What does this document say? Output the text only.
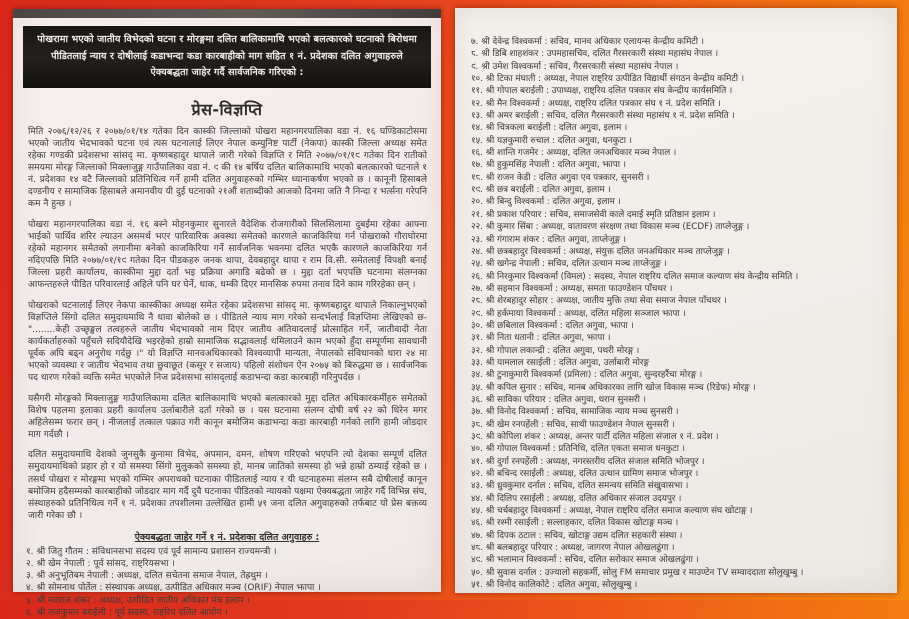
पोखरामा भएको जातीय विभेदको घटना र मोरङ्गमा दलित बालिकामाथि भएको बलत्कारको घटनाको बिरोधमा पीडितलाई न्याय र दोषीलाई कडाभन्दा कडा कारबाहीको माग सहित १ नं. प्रदेशका दलित अगुवाहरुले ऐक्यबद्धता जाहेर गर्दै सार्वजनिक गरिएको :
प्रेस-विज्ञप्ति

मिति २०७६/१२/२६ र २०७७/०१/१४ गतेका दिन कास्की जिल्लाको पोखरा महानगरपालिका वडा नं. १६ घण्डिकाटोसमा भएको जातीय भेदभावको घटना एवं त्यस घटनालाई लिएर नेपाल कम्युनिष्ट पार्टी (नेकपा) कास्की जिल्ला अध्यक्ष समेत रहेका गण्डकी प्रदेशसभा सांसद् मा. कृष्णबहादुर थापाले जारी गरेको विज्ञप्ति र मिति २०७७/०१/१९ गतेका दिन रातीको समयमा मोरङ्ग जिल्लाको मिक्लाजुङ्ग गाउँपालिका वडा नं. ९ की १४ बर्षिय दलित बालिकामाथि भएको बलत्कारको घटनाले १ नं. प्रदेशका १४ वटै जिल्लाको प्रतिनिधित्व गर्ने हामी दलित अगुवाहरुको गम्भिर ध्यानाकर्षण भएको छ । कानूनी हिसाबले दण्डनीय र सामाजिक हिसाबले अमानवीय यी दुई घटनाको २१औं शताब्दीको आजको दिनमा जति नै निन्दा र भर्त्सना गरेपनि कम नै हुन्छ ।

पोखरा महानगरपालिका वडा नं. १६ बस्ने मोहनकुमार सुनारले वैदेशिक रोजगारीको सिलसिलामा दुबईमा रहेका आफ्ना भाईको पार्थिव शरिर ल्याउन असमर्थ भएर पारिवारिक अवस्था समेतको कारणले काजकिरिया गर्न पोखराको गौराघोरमा रहेको महानगर समेतको लगानीमा बनेको काजकिरिया गर्ने सार्वजनिक भवनमा दलित भएकै कारणले काजकिरिया गर्न नदिएपछि मिति २०७७/०१/१९ गतेका दिन पीडकहरु जनक थापा, देवबहादुर थापा र राम वि.सी. समेतलाई विपक्षी बनाई जिल्ला प्रहरी कार्यालय, कास्कीमा मुद्दा दर्ता भइ प्रक्रिया अगाडि बढेको छ । मुद्दा दर्ता भएपछि घटनामा संलग्नका आफन्तहरुले पीडित परिवारलाई अहिले पनि घर घेर्ने, धाक, धम्की दिएर मानसिक रुपमा तनाव दिने काम गरिरहेका छन् ।

पोखराको घटनालाई लिएर नेकपा कास्कीका अध्यक्ष समेत रहेका प्रदेशसभा सांसद् मा. कृष्णबहादुर थापाले निकाल्नुभएको विज्ञप्तिले सिंगो दलित समुदायमाथि नै धावा बोलेको छ । पीडितले न्याय माग गरेको सन्दर्भलाई विज्ञप्तिमा लेखिएको छ- "........केही उच्छृङ्खल तत्वहरुले जातीय भेदभावको नाम दिएर जातीय अतिवादलाई प्रोत्साहित गर्ने, जातीवादी नेता कार्यकर्ताहरुको पहुँचले सदियौदेखि भइरहेको हाम्रो सामाजिक सद्भावलाई धमिलाउने काम भएको हुँदा सम्पूर्णमा सावधानी पूर्वक अघि बढ्न अनुरोध गर्दछु ।" यो विज्ञप्ति मानवअधिकारको विश्वव्यापी मान्यता, नेपालको संविधानको धारा २४ मा भएको व्यवस्था र जातीय भेदभाव तथा छुवाछूत (कसूर र सजाय) पहिलो संशोधन ऐन २०७५ को बिरुद्धमा छ । सार्वजनिक पद धारण गरेको व्यक्ति समेत भएकोले निज प्रदेशसभा सांसद्लाई कडाभन्दा कडा कारबाही गरिनुपर्दछ ।

यसैगरी मोरङ्गको मिक्लाजुङ्ग गाउँपालिकामा दलित बालिकामाथि भएको बलत्कारको मुद्दा दलित अधिकारकर्मीहरु समेतको विशेष पहलमा इलाका प्रहरी कार्यालय उर्लाबारीले दर्ता गरेको छ । यस घटनामा संलग्न दोषी वर्ष २२ को धिरेन मगर अहिलेसम्म फरार छन् । नीजलाई तत्काल पक्राउ गरी कानून बमोजिम कडाभन्दा कडा कारबाही गर्नको लागि हामी जोडदार माग गर्दछौ ।

दलित समुदायमाथि देशको जुनसुकै कुनामा विभेद, अपमान, दमन, शोषण गरिएको भएपनि त्यो देशका सम्पूर्ण दलित समुदायमाथिको प्रहार हो र यो समस्या सिंगो मुलुकको समस्या हो, मानब जातिको समस्या हो भन्ने हाम्रो ठम्याई रहेको छ । तसर्थ पोखरा र मोरङ्गमा भएको गम्भिर अपराधको घटनाका पीडितलाई न्याय र यी घटनाहरुमा संलग्न सबै दोषीलाई कानून बमोजिम हदैसम्मको कारबाहीको जोडदार माग गर्दै दुवै घटनाका पीडितको न्यायको पक्षमा ऐक्यबद्धता जाहेर गर्दै विभिन्न संघ, संस्थाहरुको प्रतिनिधित्व गर्ने १ नं. प्रदेशका तपशीलमा उल्लेखित हामी ५१ जना दलित अगुवाहरुको तर्फबाट यो प्रेस बक्तव्य जारी गरेका छौ ।

ऐक्यबद्धता जाहेर गर्ने १ नं. प्रदेशका दलित अगुवाहरु :
१. श्री जितु गौतम : संविधानसभा सदस्य एवं पूर्व सामान्य प्रशासन राज्यमन्त्री ।
२. श्री खेम नेपाली : पूर्व सांसद, राष्ट्रियसभा ।
३. श्री अनुभूतिबम नेपाली : अध्यक्ष, दलित सचेतना समाज नेपाल, तेह्रथुम ।
४. श्री सोमनाथ पोर्तेल : संस्थापक अध्यक्ष, उत्पीडित अधिकार मञ्च (ORIF) नेपाल झापा ।
५. श्री नवराज शंकर : अध्यक्ष, उत्पीडित जातीय अधिकार मंच इलाम ।
६. श्री राजकुमार बराईली : पूर्व सदस्य, राष्ट्रिय दलित आयोग ।
७. श्री देवेन्द्र विश्वकर्मा : सचिव, मानव अधिकार एलायन्स केन्द्रीय कमिटी ।
८. श्री डिबि शाहशंकर : उपमहासचिव, दलित गैरसरकारी संस्था महासंघ नेपाल ।
९. श्री उमेश विश्वकर्मा : सचिव, गैरसरकारी संस्था महासंघ नेपाल ।
१०. श्री टिका मंघाती : अध्यक्ष, नेपाल राष्ट्रिय उत्पीडित विद्यार्थी संगठन केन्द्रीय कमिटी ।
११. श्री गोपाल बराईली : उपाध्यक्ष, राष्ट्रिय दलित पत्रकार संघ केन्द्रीय कार्यसमिति ।
१२. श्री मैन विश्वकर्मा : अध्यक्ष, राष्ट्रिय दलित पत्रकार संघ १ नं. प्रदेश समिति ।
१३. श्री अमर बराईली : सचिव, दलित गैरसरकारी संस्था महासंघ १ नं. प्रदेश समिति ।
१४. श्री चित्रकला बराईली : दलित अगुवा, इलाम ।
१५. श्री यज्ञकुमारी रुचाल : दलित अगुवा, धनकुटा ।
१६. श्री शान्ति गजमेर : अध्यक्ष, दलित जनअधिकार मञ्च नेपाल ।
१७. श्री हुकुमसिंह नेपाली : दलित अगुवा, झापा ।
१८. श्री राजन केडी : दलित अगुवा एव पत्रकार, सुनसरी ।
१९. श्री छत्र बराईली : दलित अगुवा, इलाम ।
२०. श्री बिन्दु विश्वकर्मा : दलित अगुवा, इलाम ।
२१. श्री प्रकाश परियार : सचिव, समाजसेवी काले दमाई स्मृति प्रतिष्ठान इलाम ।
२२. श्री कुमार सिंबा : अध्यक्ष, वातावरण संरक्षण तथा विकास मञ्च (ECDF) ताप्लेजुङ्ग ।
२३. श्री गंगाराम शंकर : दलित अगुवा, ताप्लेजुङ्ग ।
२४. श्री छत्रबहादुर विश्वकर्मा : अध्यक्ष, संयुक्त दलित जनअधिकार मञ्च ताप्लेजुङ्ग ।
२५. श्री खगेन्द्र नेपाली : सचिव, दलित उत्थान मञ्च ताप्लेजुङ्ग ।
२६. श्री निरकुमार विश्वकर्मा (विमल) : सदस्य, नेपाल राष्ट्रिय दलित समाज कल्याण संघ केन्द्रीय समिति ।
२७. श्री सहमान विश्वकर्मा : अध्यक्ष, समता फाउण्डेशन पाँचथर ।
२८. श्री शेरबहादुर सोहार : अध्यक्ष, जातीय मुक्ति तथा सेवा समाज नेपाल पाँचथर ।
२९. श्री हर्कमाया विश्वकर्मा : अध्यक्ष, दलित महिला सञ्जाल झापा ।
३०. श्री छबिलाल विश्वकर्मा : दलित अगुवा, झापा ।
३१. श्री निता धतानी : दलित अगुवा, झापा ।
३२. श्री गोपाल लकान्द्री : दलित अगुवा, पथरी मोरङ्ग ।
३३. श्री यामलाल रसाईली : दलित अगुवा, उर्लाबारी मोरङ्ग
३४. श्री टुनाकुमारी विश्वकर्मा (प्रमिला) : दलित अगुवा, सुन्दरहरैंचा मोरङ्ग ।
३५. श्री कपिल सुनार : सचिव, मानब अधिकारका लागि खोज विकास मञ्च (रिडेफ) मोरङ्ग ।
३६. श्री साविका परियार : दलित अगुवा, धरान सुनसरी ।
३७. श्री विनोद विश्वकर्मा : सचिव, सामाजिक न्याय मञ्च सुनसरी ।
३८. श्री खेम रनपहेंली : सचिव, साथी फाउण्डेशन नेपाल सुनसरी ।
३९. श्री कोपिला शंकर : अध्यक्ष, अन्तर पार्टी दलित महिला संजाल १ नं. प्रदेश ।
४०. श्री गोपाल विश्वकर्मा : प्रतिनिधि, दलित एकता समाज धनकुटा ।
४१. श्री दुर्गा रनपहेंली : अध्यक्ष, नगरस्तरीय दलित संजाल समिति भोजपुर ।
४२. श्री बचिन्द रसाईली : अध्यक्ष, दलित उत्थान ग्रामिण समाज भोजपुर ।
४३. श्री ध्रुवकुमार दर्नाल : सचिव, दलित समन्वय समिति संखुवासभा ।
४४. श्री दिलिप रसाईली : अध्यक्ष, दलित अधिकार संजाल उदयपुर ।
४५. श्री चर्चबहादुर विश्वकर्मा : अध्यक्ष, नेपाल राष्ट्रिय दलित समाज कल्याण संघ खोटाङ्ग ।
४६. श्री रश्मी रसाईली : सल्लाहकार, दलित विकास खोटाङ्ग मञ्च ।
४७. श्री दिपक ठटाल : सचिव, खोटाङ्ग उद्यम दलित सहकारी संस्था ।
४८. श्री बलबहादुर परियार : अध्यक्ष, जागरण नेपाल ओखलढुंगा ।
४९. श्री भलामान विश्वकर्मा : सचिव, दलित सरोकार समाज ओखलढुंगा ।
५०. श्री सुवास दर्नाल : उज्यालो सहकर्मी, सोलु FM समाचार प्रमुख र माउण्टेन TV सम्वाददाता सोलुखुम्बु ।
५१. श्री विनोद कालिकोटे : दलित अगुवा, सोलुखुम्बु ।
